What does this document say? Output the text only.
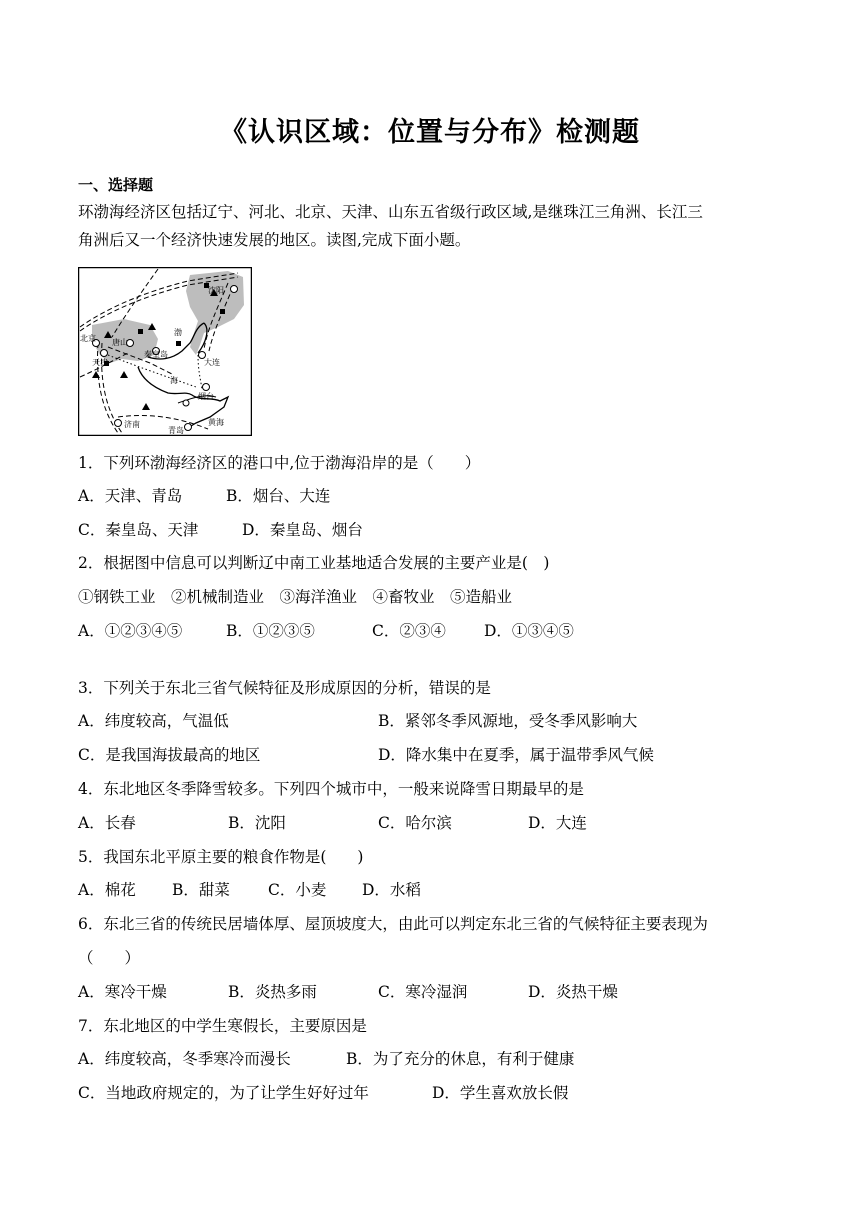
《认识区域：位置与分布》检测题
一、选择题
环渤海经济区包括辽宁、河北、北京、天津、山东五省级行政区域,是继珠江三角洲、长江三
角洲后又一个经济快速发展的地区。读图,完成下面小题。
沈阳
北京 唐山
秦皇岛
天津
渤
海
大连
烟台
黄海
济南
青岛
1．下列环渤海经济区的港口中,位于渤海沿岸的是（　　）
A．天津、青岛	B．烟台、大连
C．秦皇岛、天津	D．秦皇岛、烟台
2．根据图中信息可以判断辽中南工业基地适合发展的主要产业是(　)
①钢铁工业　②机械制造业　③海洋渔业　④畜牧业　⑤造船业
A．①②③④⑤	B．①②③⑤	C．②③④ D．①③④⑤
3．下列关于东北三省气候特征及形成原因的分析，错误的是
A．纬度较高，气温低	B．紧邻冬季风源地，受冬季风影响大
C．是我国海拔最高的地区	D．降水集中在夏季，属于温带季风气候
4．东北地区冬季降雪较多。下列四个城市中，一般来说降雪日期最早的是
A．长春	B．沈阳	C．哈尔滨	D．大连
5．我国东北平原主要的粮食作物是(　　)
A．棉花 B．甜菜 C．小麦 D．水稻
6．东北三省的传统民居墙体厚、屋顶坡度大，由此可以判定东北三省的气候特征主要表现为
（　　）
A．寒冷干燥	B．炎热多雨	C．寒冷湿润	D．炎热干燥
7．东北地区的中学生寒假长，主要原因是
A．纬度较高，冬季寒冷而漫长	B．为了充分的休息，有利于健康
C．当地政府规定的，为了让学生好好过年	D．学生喜欢放长假
